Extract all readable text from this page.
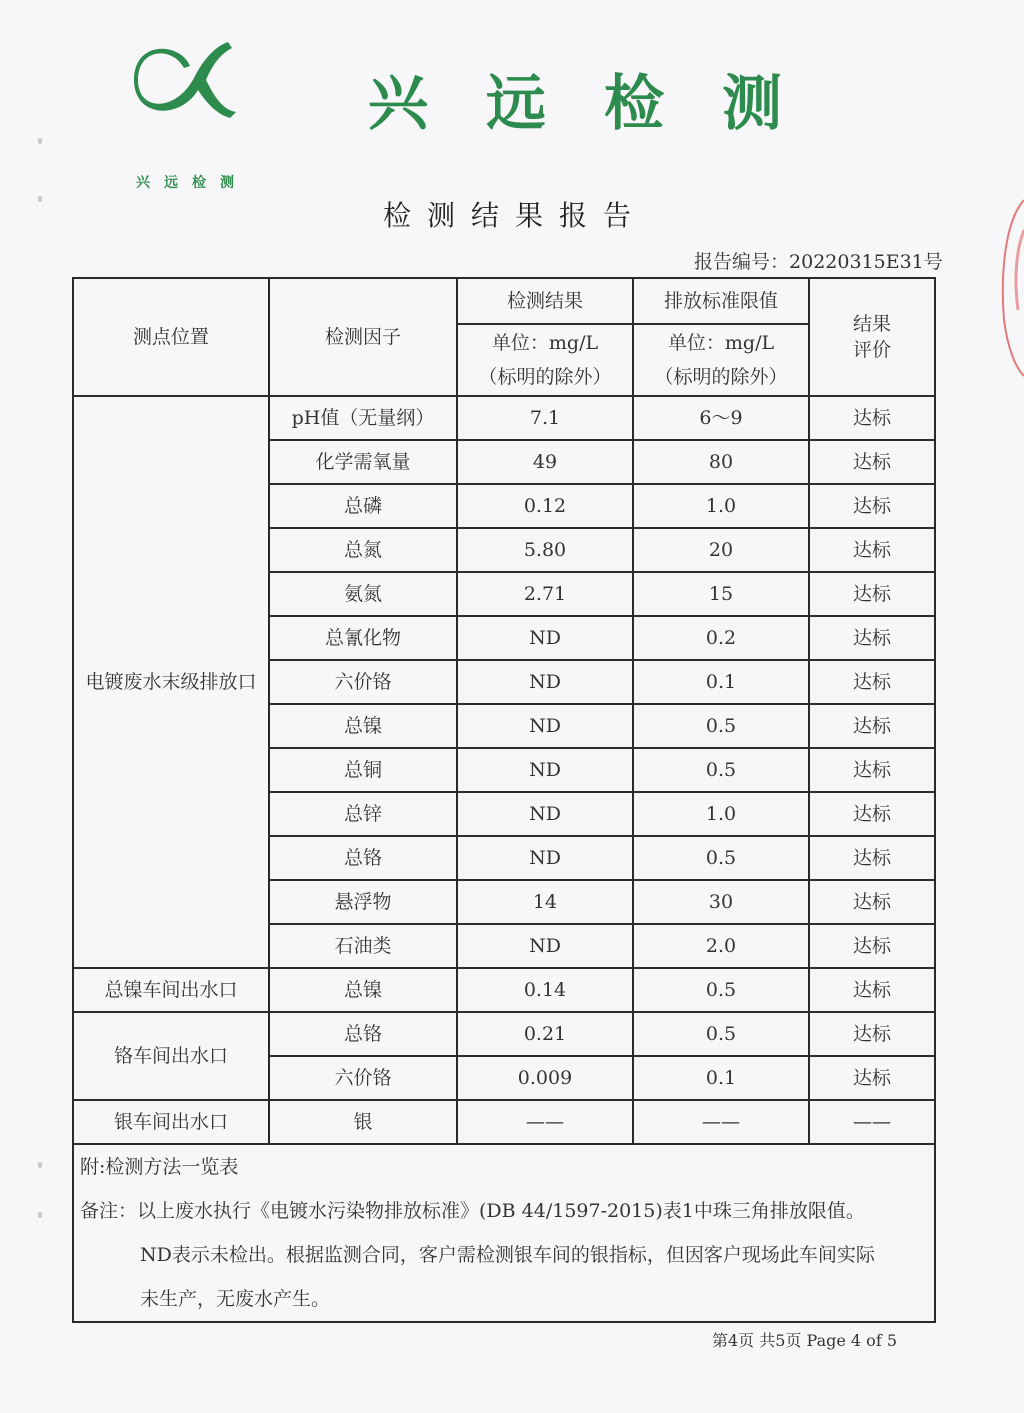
兴远检测
兴远检测
检测结果报告
报告编号：20220315E31号
测点位置	检测因子	检测结果	排放标准限值	结果
评价

		单位：mg/L
（标明的除外）	单位：mg/L
（标明的除外）	

电镀废水末级排放口	pH值（无量纲）	7.1	6～9	达标
	化学需氧量	49	80	达标
	总磷	0.12	1.0	达标
	总氮	5.80	20	达标
	氨氮	2.71	15	达标
	总氰化物	ND	0.2	达标
	六价铬	ND	0.1	达标
	总镍	ND	0.5	达标
	总铜	ND	0.5	达标
	总锌	ND	1.0	达标
	总铬	ND	0.5	达标
	悬浮物	14	30	达标
	石油类	ND	2.0	达标
总镍车间出水口	总镍	0.14	0.5	达标
铬车间出水口	总铬	0.21	0.5	达标
	六价铬	0.009	0.1	达标
银车间出水口	银	——	——	——

附:检测方法一览表
备注：以上废水执行《电镀水污染物排放标准》(DB 44/1597-2015)表1中珠三角排放限值。
ND表示未检出。根据监测合同，客户需检测银车间的银指标，但因客户现场此车间实际
未生产，无废水产生。				
第4页 共5页 Page 4 of 5
